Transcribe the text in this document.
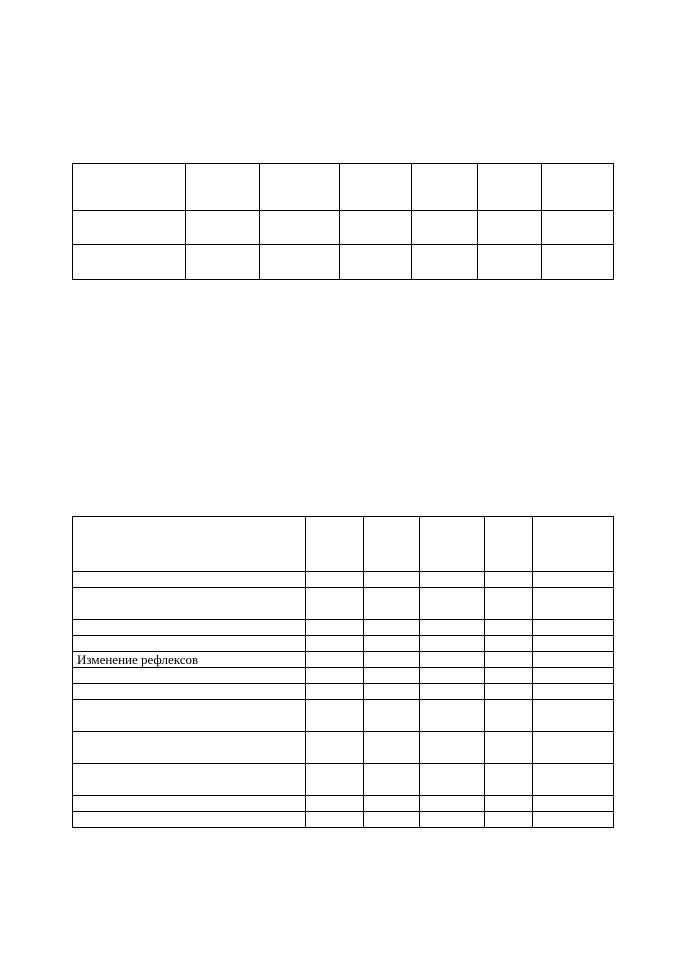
Изменение рефлексов					
